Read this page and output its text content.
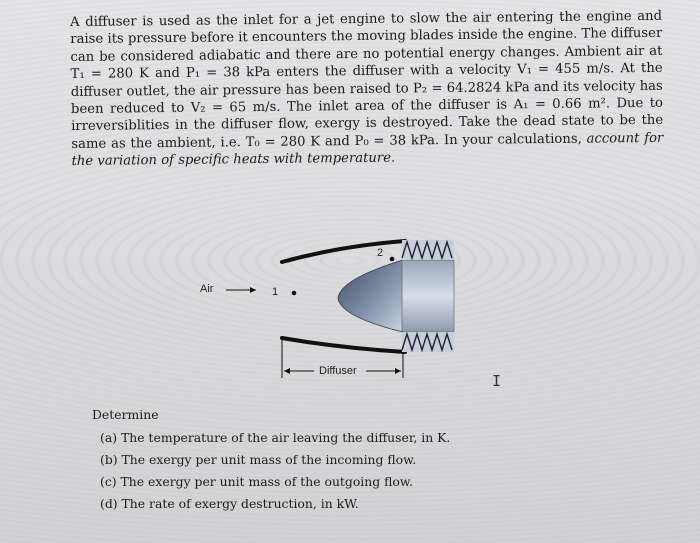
A diffuser is used as the inlet for a jet engine to slow the air entering the engine and raise its pressure before it encounters the moving blades inside the engine. The diffuser can be considered adiabatic and there are no potential energy changes. Ambient air at T₁ = 280 K and P₁ = 38 kPa enters the diffuser with a velocity V₁ = 455 m/s. At the diffuser outlet, the air pressure has been raised to P₂ = 64.2824 kPa and its velocity has been reduced to V₂ = 65 m/s. The inlet area of the diffuser is A₁ = 0.66 m². Due to irreversiblities in the diffuser flow, exergy is destroyed. Take the dead state to be the same as the ambient, i.e. T₀ = 280 K and P₀ = 38 kPa. In your calculations, account for the variation of specific heats with temperature.

Air	1
2
Diffuser

Determine

(a) The temperature of the air leaving the diffuser, in K.
(b) The exergy per unit mass of the incoming flow.
(c) The exergy per unit mass of the outgoing flow.
(d) The rate of exergy destruction, in kW.
I
